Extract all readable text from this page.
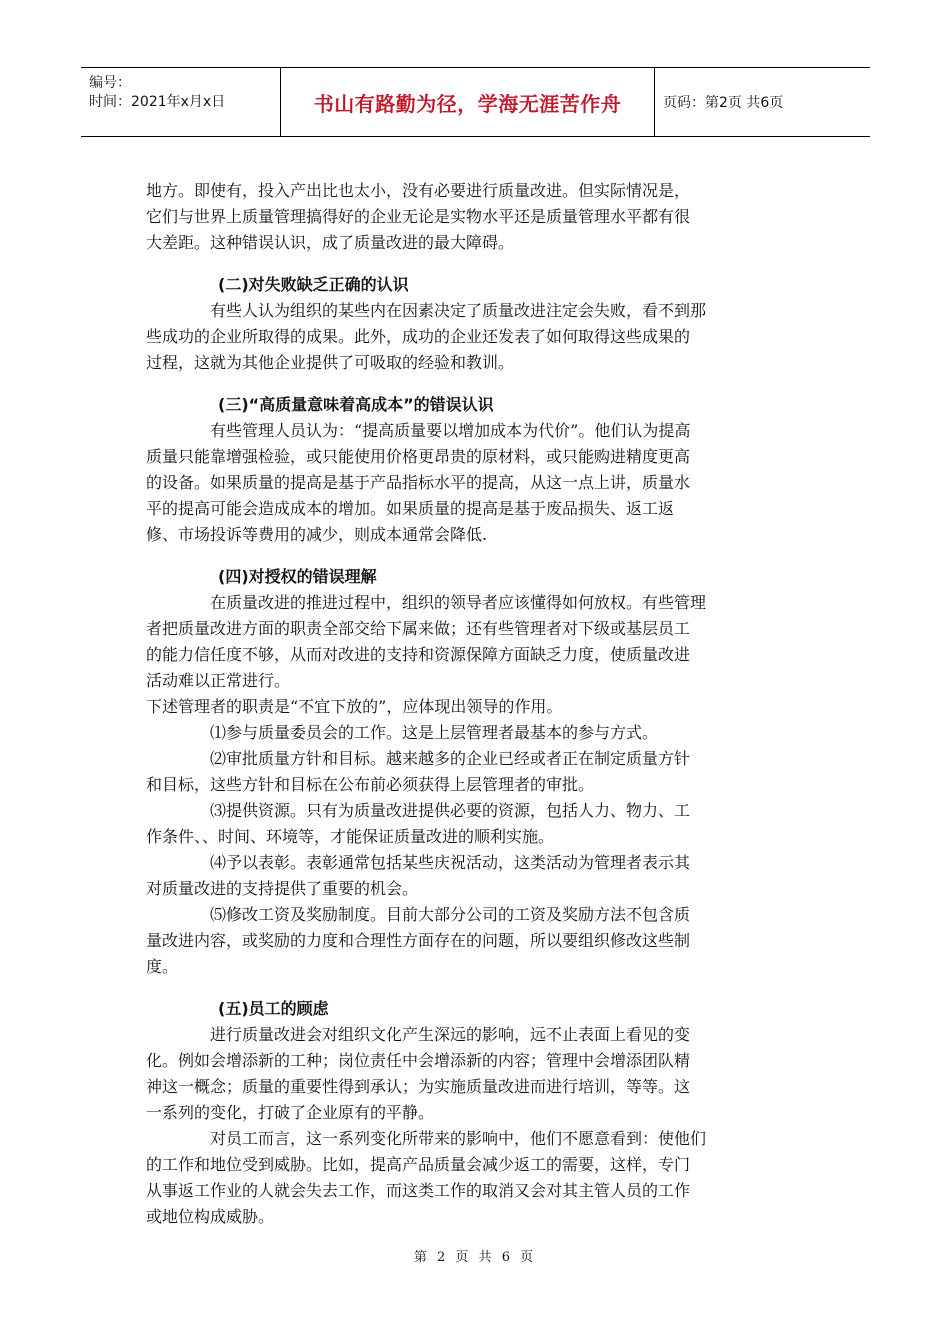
编号：
时间：2021年x月x日	书山有路勤为径，学海无涯苦作舟	页码：第2页 共6页
地方。即使有，投入产出比也太小，没有必要进行质量改进。但实际情况是，
它们与世界上质量管理搞得好的企业无论是实物水平还是质量管理水平都有很
大差距。这种错误认识，成了质量改进的最大障碍。
(二)对失败缺乏正确的认识
有些人认为组织的某些内在因素决定了质量改进注定会失败，看不到那
些成功的企业所取得的成果。此外，成功的企业还发表了如何取得这些成果的
过程，这就为其他企业提供了可吸取的经验和教训。
(三)“高质量意味着高成本”的错误认识
有些管理人员认为：“提高质量要以增加成本为代价”。他们认为提高
质量只能靠增强检验，或只能使用价格更昂贵的原材料，或只能购进精度更高
的设备。如果质量的提高是基于产品指标水平的提高，从这一点上讲，质量水
平的提高可能会造成成本的增加。如果质量的提高是基于废品损失、返工返
修、市场投诉等费用的减少，则成本通常会降低.
(四)对授权的错误理解
在质量改进的推进过程中，组织的领导者应该懂得如何放权。有些管理
者把质量改进方面的职责全部交给下属来做；还有些管理者对下级或基层员工
的能力信任度不够，从而对改进的支持和资源保障方面缺乏力度，使质量改进
活动难以正常进行。
下述管理者的职责是“不宜下放的”，应体现出领导的作用。
⑴参与质量委员会的工作。这是上层管理者最基本的参与方式。
⑵审批质量方针和目标。越来越多的企业已经或者正在制定质量方针
和目标，这些方针和目标在公布前必须获得上层管理者的审批。
⑶提供资源。只有为质量改进提供必要的资源，包括人力、物力、工
作条件、、时间、环境等，才能保证质量改进的顺利实施。
⑷予以表彰。表彰通常包括某些庆祝活动，这类活动为管理者表示其
对质量改进的支持提供了重要的机会。
⑸修改工资及奖励制度。目前大部分公司的工资及奖励方法不包含质
量改进内容，或奖励的力度和合理性方面存在的问题，所以要组织修改这些制
度。
(五)员工的顾虑
进行质量改进会对组织文化产生深远的影响，远不止表面上看见的变
化。例如会增添新的工种；岗位责任中会增添新的内容；管理中会增添团队精
神这一概念；质量的重要性得到承认；为实施质量改进而进行培训，等等。这
一系列的变化，打破了企业原有的平静。
对员工而言，这一系列变化所带来的影响中，他们不愿意看到：使他们
的工作和地位受到威胁。比如，提高产品质量会减少返工的需要，这样，专门
从事返工作业的人就会失去工作，而这类工作的取消又会对其主管人员的工作
或地位构成威胁。
第 2 页 共 6 页
